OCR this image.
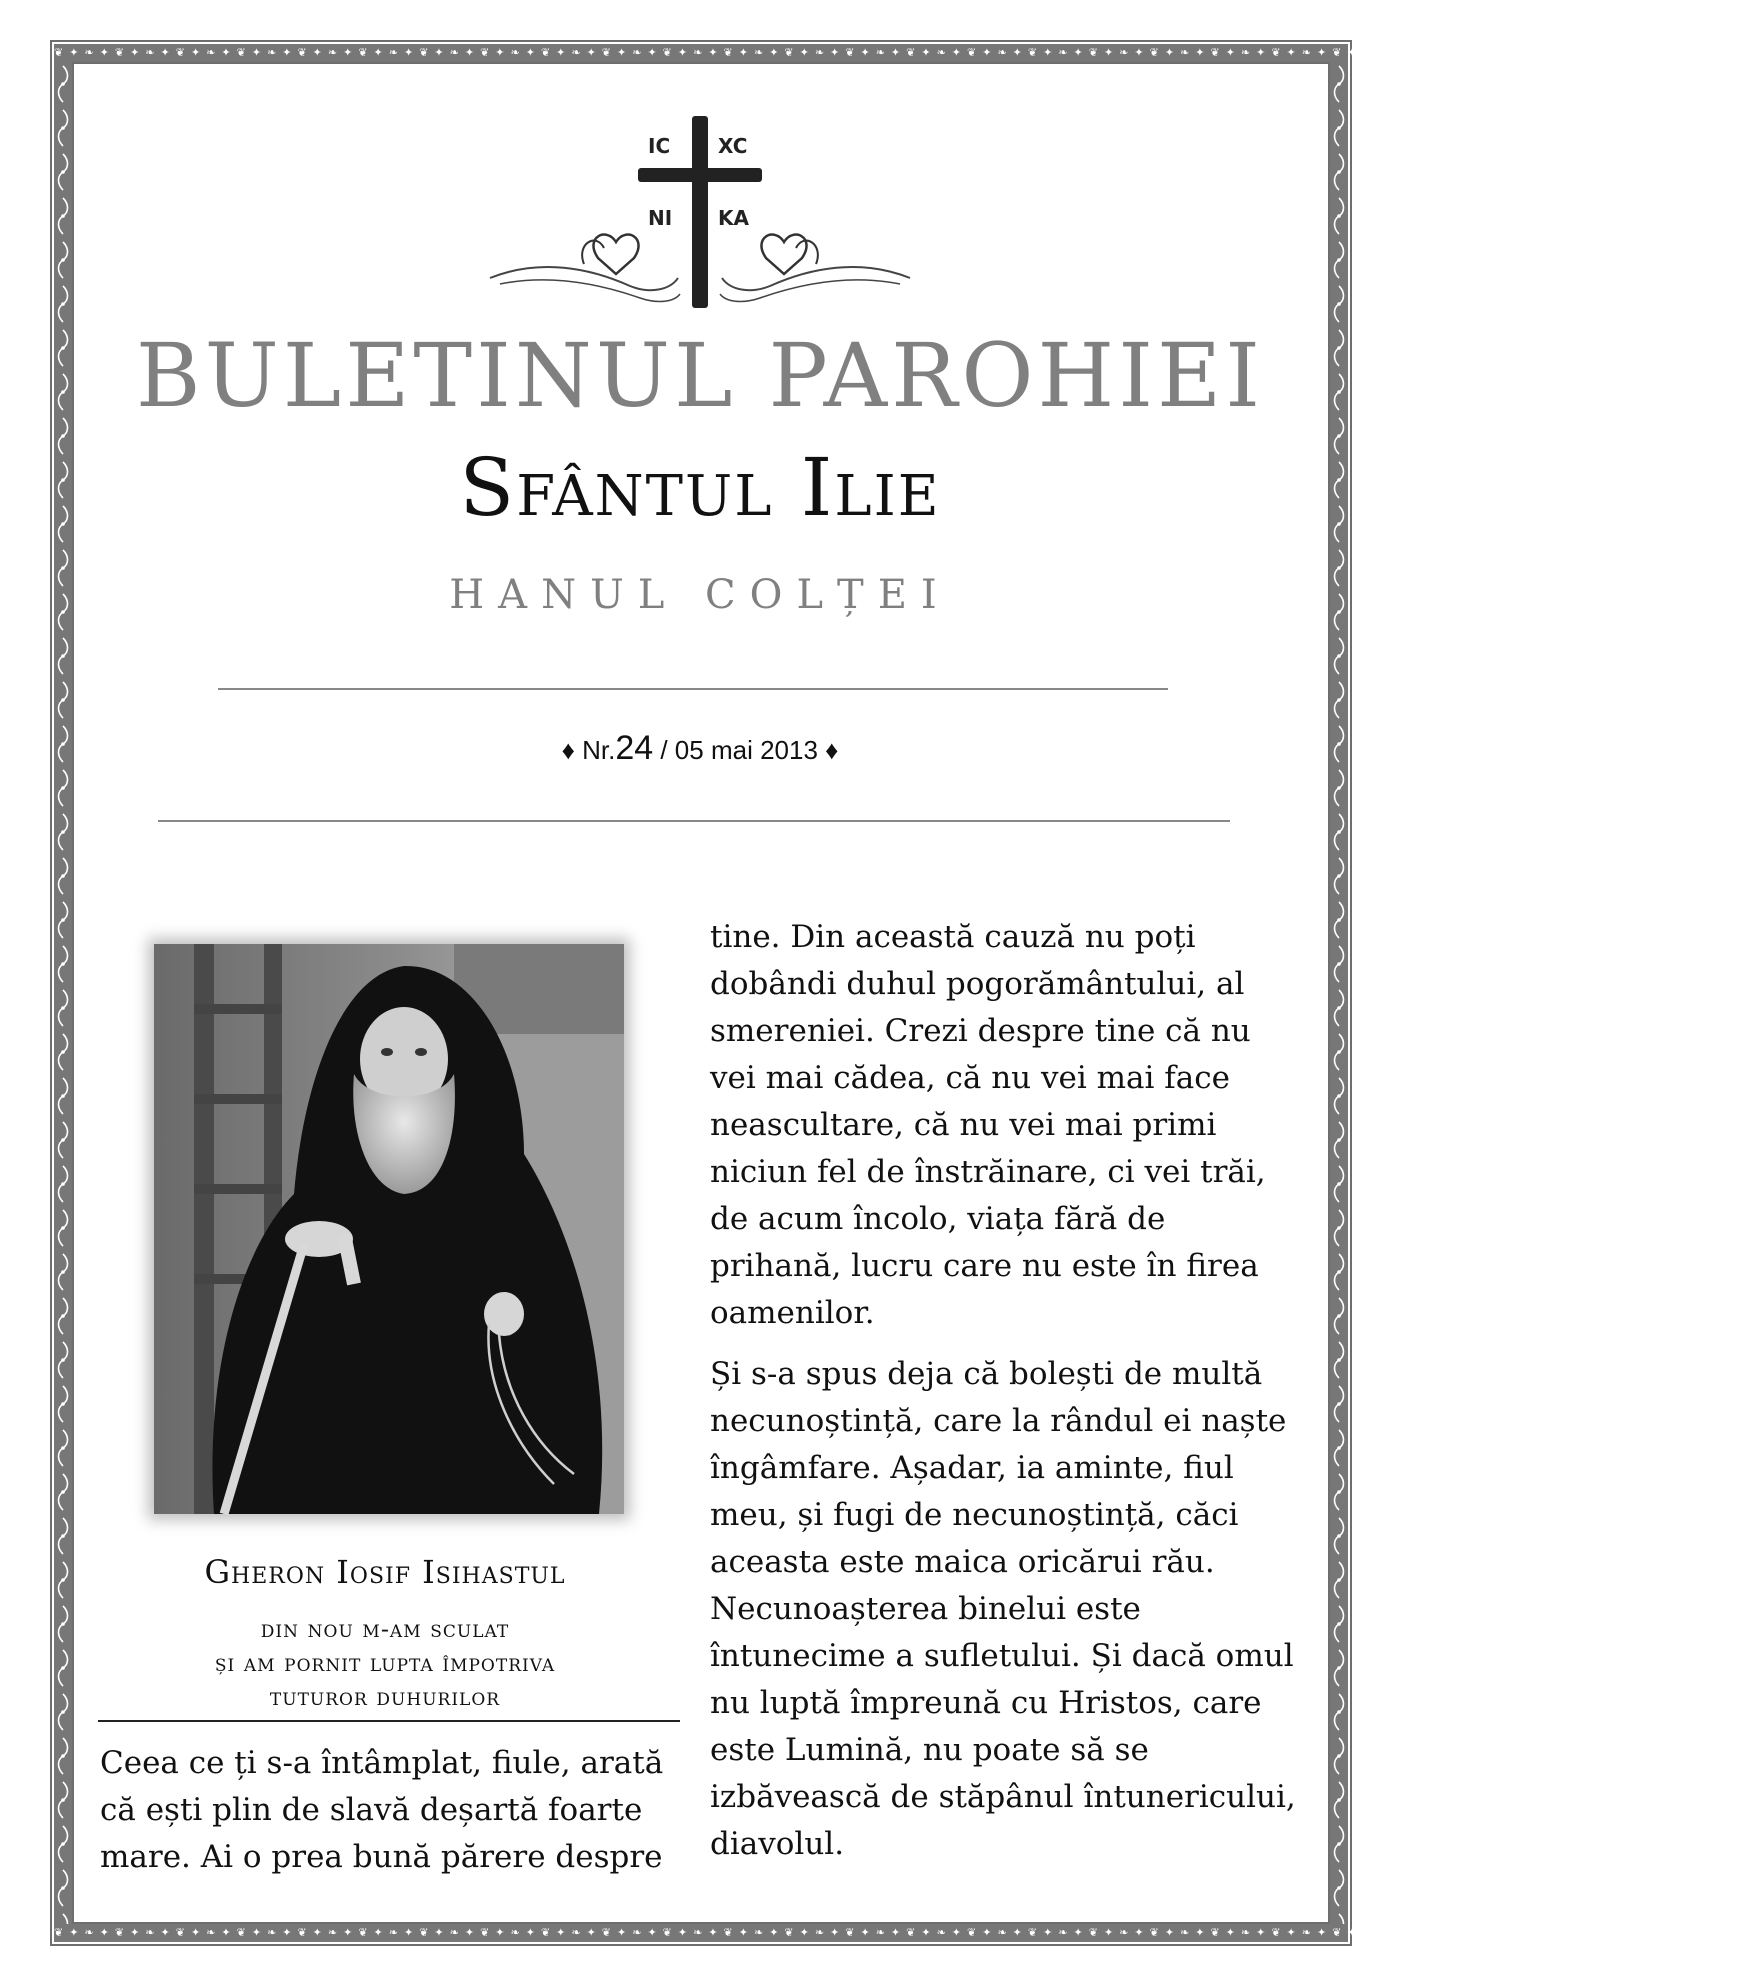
❦✦❧✦❦✦❧✦❦✦❧✦❦✦❧✦❦✦❧✦❦✦❧✦❦✦❧✦❦✦❧✦❦✦❧✦❦✦❧✦❦✦❧✦❦✦❧✦❦✦❧✦❦✦❧✦❦✦❧✦❦✦❧✦❦✦❧✦❦✦❧✦❦✦❧✦❦✦❧✦❦✦❧✦❦✦❧✦❦✦❧✦❦✦❧✦❦✦❧✦❦✦❧✦❦✦❧✦❦✦❧
❦✦❧✦❦✦❧✦❦✦❧✦❦✦❧✦❦✦❧✦❦✦❧✦❦✦❧✦❦✦❧✦❦✦❧✦❦✦❧✦❦✦❧✦❦✦❧✦❦✦❧✦❦✦❧✦❦✦❧✦❦✦❧✦❦✦❧✦❦✦❧✦❦✦❧✦❦✦❧✦❦✦❧✦❦✦❧✦❦✦❧✦❦✦❧✦❦✦❧✦❦✦❧✦❦✦❧✦❦✦❧
IC XC
NI KA
BULETINUL PAROHIEI
Sfântul Ilie
HANUL COLȚEI
♦ Nr.24 / 05 mai 2013 ♦
Gheron Iosif Isihastul
din nou m-am sculat
și am pornit lupta împotriva
tuturor duhurilor

Ceea ce ți s-a întâmplat, fiule, arată că ești plin de slavă deșartă foarte mare. Ai o prea bună părere despre

tine. Din această cauză nu poți dobândi duhul pogorământului, al smereniei. Crezi despre tine că nu vei mai cădea, că nu vei mai face neascultare, că nu vei mai primi niciun fel de înstrăinare, ci vei trăi, de acum încolo, viața fără de prihană, lucru care nu este în firea oamenilor.

Și s-a spus deja că bolești de multă necunoștință, care la rândul ei naște îngâmfare. Așadar, ia aminte, fiul meu, și fugi de necunoștință, căci aceasta este maica oricărui rău. Necunoașterea binelui este întunecime a sufletului. Și dacă omul nu luptă împreună cu Hristos, care este Lumină, nu poate să se izbăvească de stăpânul întunericului, diavolul.
